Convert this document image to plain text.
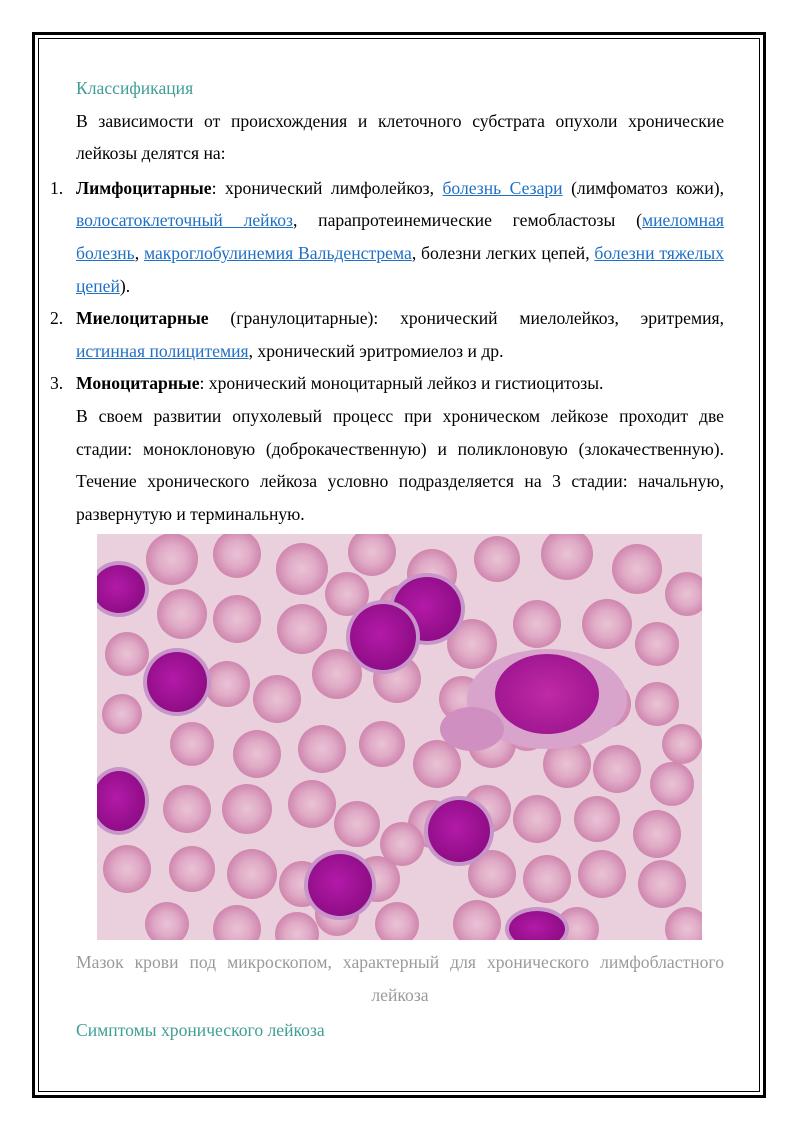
Классификация

В зависимости от происхождения и клеточного субстрата опухоли хронические лейкозы делятся на:

1. Лимфоцитарные: хронический лимфолейкоз, болезнь Сезари (лимфоматоз кожи), волосатоклеточный лейкоз, парапротеинемические гемобластозы (миеломная болезнь, макроглобулинемия Вальденстрема, болезни легких цепей, болезни тяжелых цепей).
2. Миелоцитарные (гранулоцитарные): хронический миелолейкоз, эритремия, истинная полицитемия, хронический эритромиелоз и др.
3. Моноцитарные: хронический моноцитарный лейкоз и гистиоцитозы.

В своем развитии опухолевый процесс при хроническом лейкозе проходит две стадии: моноклоновую (доброкачественную) и поликлоновую (злокачественную). Течение хронического лейкоза условно подразделяется на 3 стадии: начальную, развернутую и терминальную.

Мазок крови под микроскопом, характерный для хронического лимфобластного лейкоза

Симптомы хронического лейкоза
